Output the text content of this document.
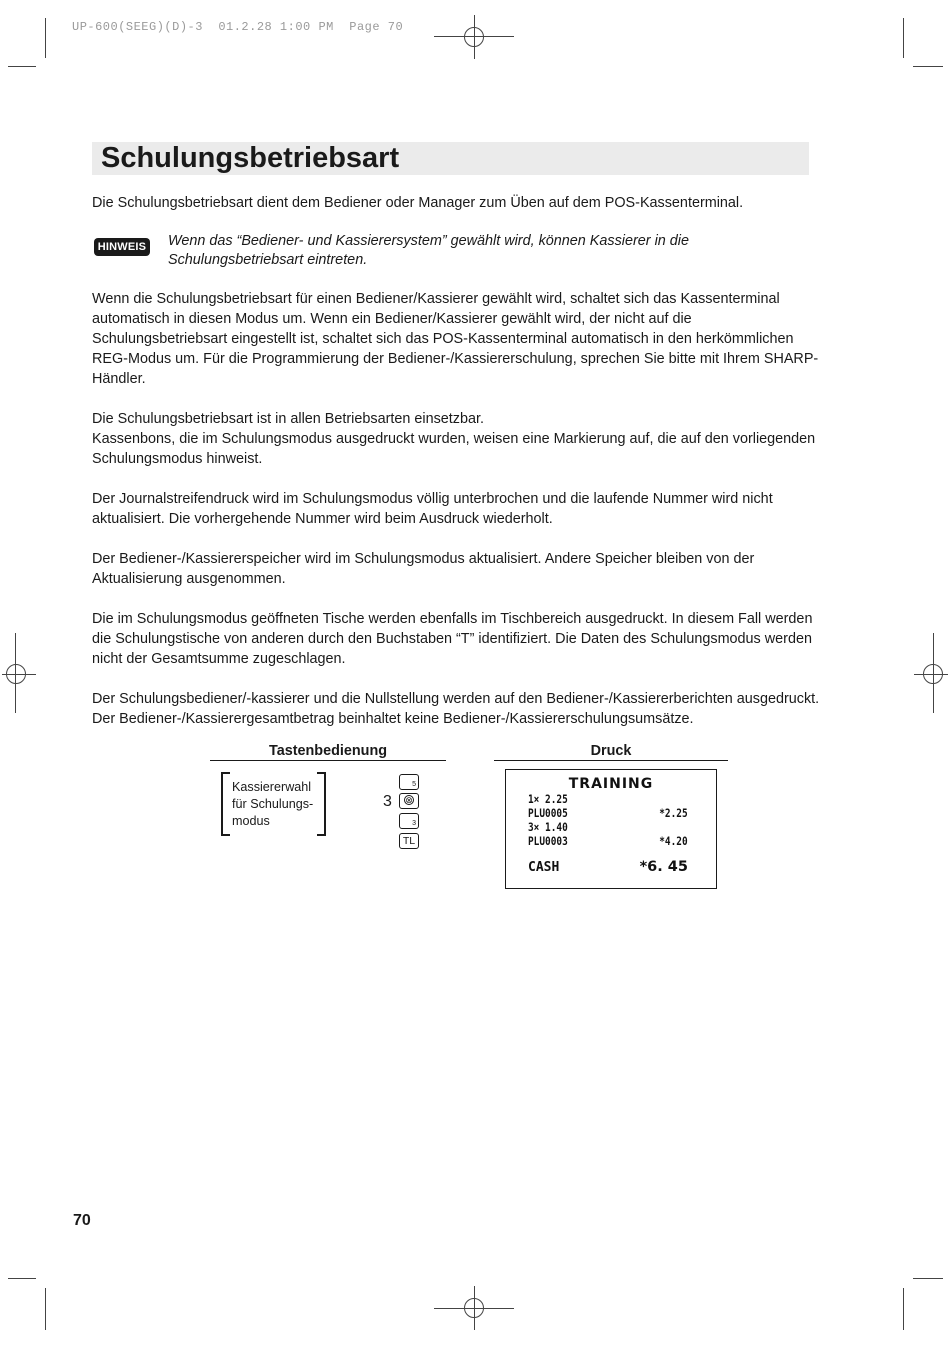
UP-600(SEEG)(D)-3  01.2.28 1:00 PM  Page 70
Schulungsbetriebsart

Die Schulungsbetriebsart dient dem Bediener oder Manager zum Üben auf dem POS-Kassenterminal.

HINWEIS Wenn das “Bediener- und Kassierersystem” gewählt wird, können Kassierer in die Schulungsbetriebsart eintreten.

Wenn die Schulungsbetriebsart für einen Bediener/Kassierer gewählt wird, schaltet sich das Kassenterminal automatisch in diesen Modus um. Wenn ein Bediener/Kassierer gewählt wird, der nicht auf die Schulungsbetriebsart eingestellt ist, schaltet sich das POS-Kassenterminal automatisch in den herkömmlichen REG-Modus um. Für die Programmierung der Bediener-/Kassiererschulung, sprechen Sie bitte mit Ihrem SHARP-Händler.

Die Schulungsbetriebsart ist in allen Betriebsarten einsetzbar.

Kassenbons, die im Schulungsmodus ausgedruckt wurden, weisen eine Markierung auf, die auf den vorliegenden Schulungsmodus hinweist.

Der Journalstreifendruck wird im Schulungsmodus völlig unterbrochen und die laufende Nummer wird nicht aktualisiert. Die vorhergehende Nummer wird beim Ausdruck wiederholt.

Der Bediener-/Kassiererspeicher wird im Schulungsmodus aktualisiert. Andere Speicher bleiben von der Aktualisierung ausgenommen.

Die im Schulungsmodus geöffneten Tische werden ebenfalls im Tischbereich ausgedruckt. In diesem Fall werden die Schulungstische von anderen durch den Buchstaben “T” identifiziert. Die Daten des Schulungsmodus werden nicht der Gesamtsumme zugeschlagen.

Der Schulungsbediener/-kassierer und die Nullstellung werden auf den Bediener-/Kassiererberichten ausgedruckt. Der Bediener-/Kassierergesamtbetrag beinhaltet keine Bediener-/Kassiererschulungsumsätze.

Tastenbedienung
Kassiererwahl für Schulungs-modus
3
5
⊗
3
TL
Druck
TRAINING
1× 2.25
PLU0005	*2.25
3× 1.40
PLU0003	*4.20
CASH	*6. 45
70
